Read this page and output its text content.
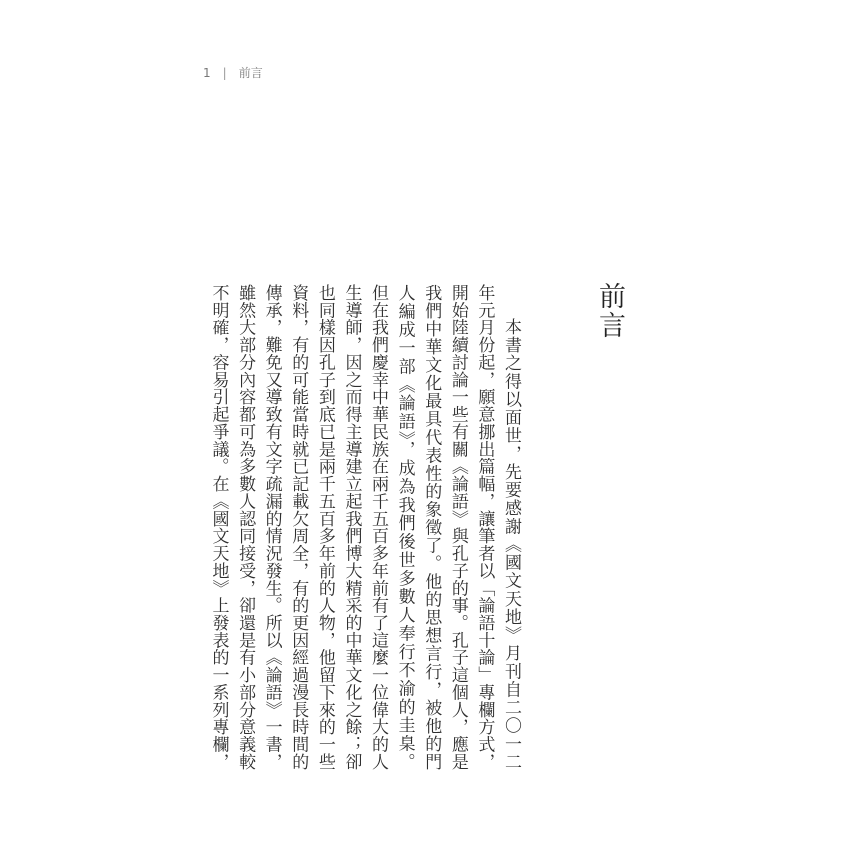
1 | 前言
前言
本書之得以面世，先要感謝《國文天地》月刊自二〇一二
年元月份起，願意挪出篇幅，讓筆者以「論語十論」專欄方式，
開始陸續討論一些有關《論語》與孔子的事。孔子這個人，應是
我們中華文化最具代表性的象徵了。他的思想言行，被他的門
人編成一部《論語》，成為我們後世多數人奉行不渝的圭臬。
但在我們慶幸中華民族在兩千五百多年前有了這麼一位偉大的人
生導師，因之而得主導建立起我們博大精采的中華文化之餘；卻
也同樣因孔子到底已是兩千五百多年前的人物，他留下來的一些
資料，有的可能當時就已記載欠周全，有的更因經過漫長時間的
傳承，難免又導致有文字疏漏的情況發生。所以《論語》一書，
雖然大部分內容都可為多數人認同接受，卻還是有小部分意義較
不明確，容易引起爭議。在《國文天地》上發表的一系列專欄，
